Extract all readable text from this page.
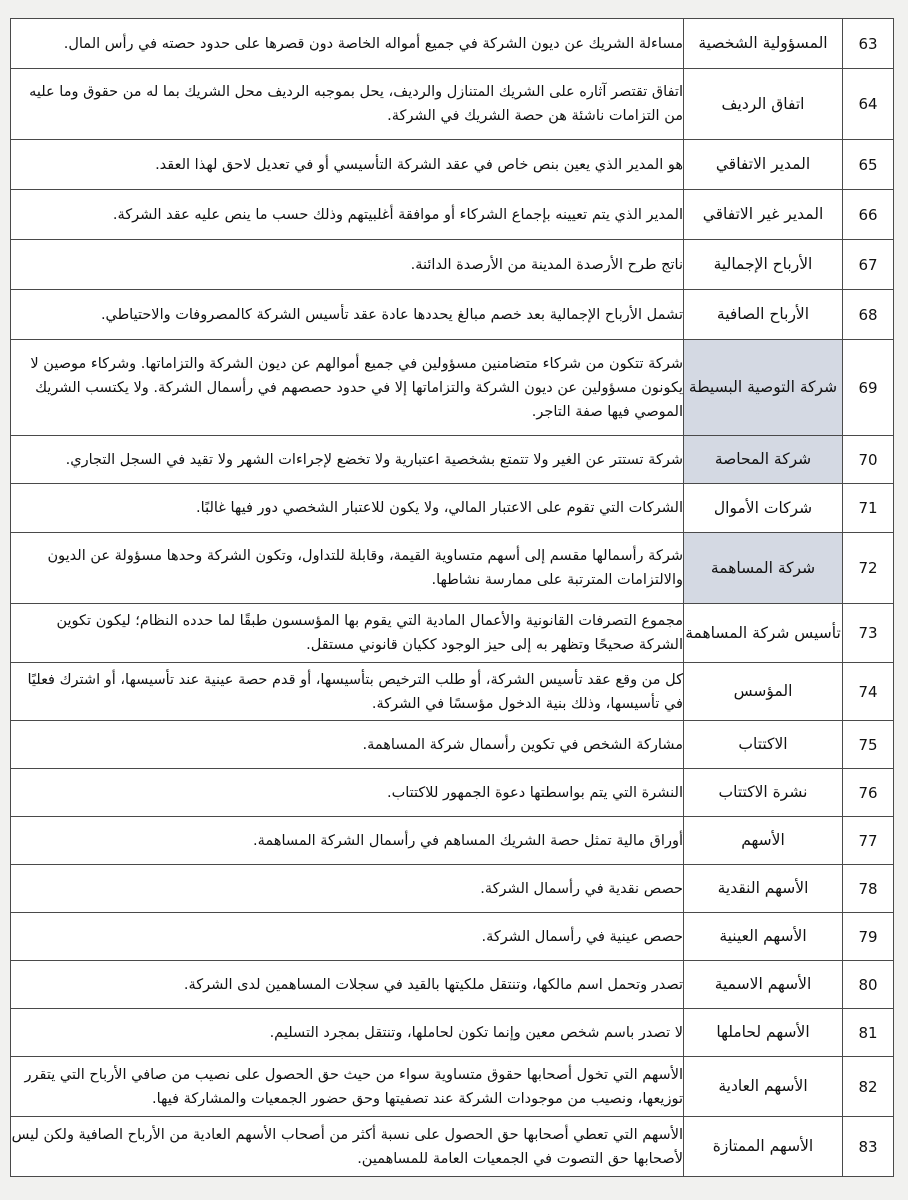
63	المسؤولية الشخصية	مساءلة الشريك عن ديون الشركة في جميع أمواله الخاصة دون قصرها على حدود حصته في رأس المال.
64	اتفاق الرديف	اتفاق تقتصر آثاره على الشريك المتنازل والرديف، يحل بموجبه الرديف محل الشريك بما له من حقوق وما عليه من التزامات ناشئة هن حصة الشريك في الشركة.
65	المدير الاتفاقي	هو المدير الذي يعين بنص خاص في عقد الشركة التأسيسي أو في تعديل لاحق لهذا العقد.
66	المدير غير الاتفاقي	المدير الذي يتم تعيينه بإجماع الشركاء أو موافقة أغلبيتهم وذلك حسب ما ينص عليه عقد الشركة.
67	الأرباح الإجمالية	ناتج طرح الأرصدة المدينة من الأرصدة الدائنة.
68	الأرباح الصافية	تشمل الأرباح الإجمالية بعد خصم مبالغ يحددها عادة عقد تأسيس الشركة كالمصروفات والاحتياطي.
69	شركة التوصية البسيطة	شركة تتكون من شركاء متضامنين مسؤولين في جميع أموالهم عن ديون الشركة والتزاماتها. وشركاء موصين لا يكونون مسؤولين عن ديون الشركة والتزاماتها إلا في حدود حصصهم في رأسمال الشركة. ولا يكتسب الشريك الموصي فيها صفة التاجر.
70	شركة المحاصة	شركة تستتر عن الغير ولا تتمتع بشخصية اعتبارية ولا تخضع لإجراءات الشهر ولا تقيد في السجل التجاري.
71	شركات الأموال	الشركات التي تقوم على الاعتبار المالي، ولا يكون للاعتبار الشخصي دور فيها غالبًا.
72	شركة المساهمة	شركة رأسمالها مقسم إلى أسهم متساوية القيمة، وقابلة للتداول، وتكون الشركة وحدها مسؤولة عن الديون والالتزامات المترتبة على ممارسة نشاطها.
73	تأسيس شركة المساهمة	مجموع التصرفات القانونية والأعمال المادية التي يقوم بها المؤسسون طبقًا لما حدده النظام؛ ليكون تكوين الشركة صحيحًا وتظهر به إلى حيز الوجود ككيان قانوني مستقل.
74	المؤسس	كل من وقع عقد تأسيس الشركة، أو طلب الترخيص بتأسيسها، أو قدم حصة عينية عند تأسيسها، أو اشترك فعليًا في تأسيسها، وذلك بنية الدخول مؤسسًا في الشركة.
75	الاكتتاب	مشاركة الشخص في تكوين رأسمال شركة المساهمة.
76	نشرة الاكتتاب	النشرة التي يتم بواسطتها دعوة الجمهور للاكتتاب.
77	الأسهم	أوراق مالية تمثل حصة الشريك المساهم في رأسمال الشركة المساهمة.
78	الأسهم النقدية	حصص نقدية في رأسمال الشركة.
79	الأسهم العينية	حصص عينية في رأسمال الشركة.
80	الأسهم الاسمية	تصدر وتحمل اسم مالكها، وتنتقل ملكيتها بالقيد في سجلات المساهمين لدى الشركة.
81	الأسهم لحاملها	لا تصدر باسم شخص معين وإنما تكون لحاملها، وتنتقل بمجرد التسليم.
82	الأسهم العادية	الأسهم التي تخول أصحابها حقوق متساوية سواء من حيث حق الحصول على نصيب من صافي الأرباح التي يتقرر توزيعها، ونصيب من موجودات الشركة عند تصفيتها وحق حضور الجمعيات والمشاركة فيها.
83	الأسهم الممتازة	الأسهم التي تعطي أصحابها حق الحصول على نسبة أكثر من أصحاب الأسهم العادية من الأرباح الصافية ولكن ليس لأصحابها حق التصوت في الجمعيات العامة للمساهمين.
